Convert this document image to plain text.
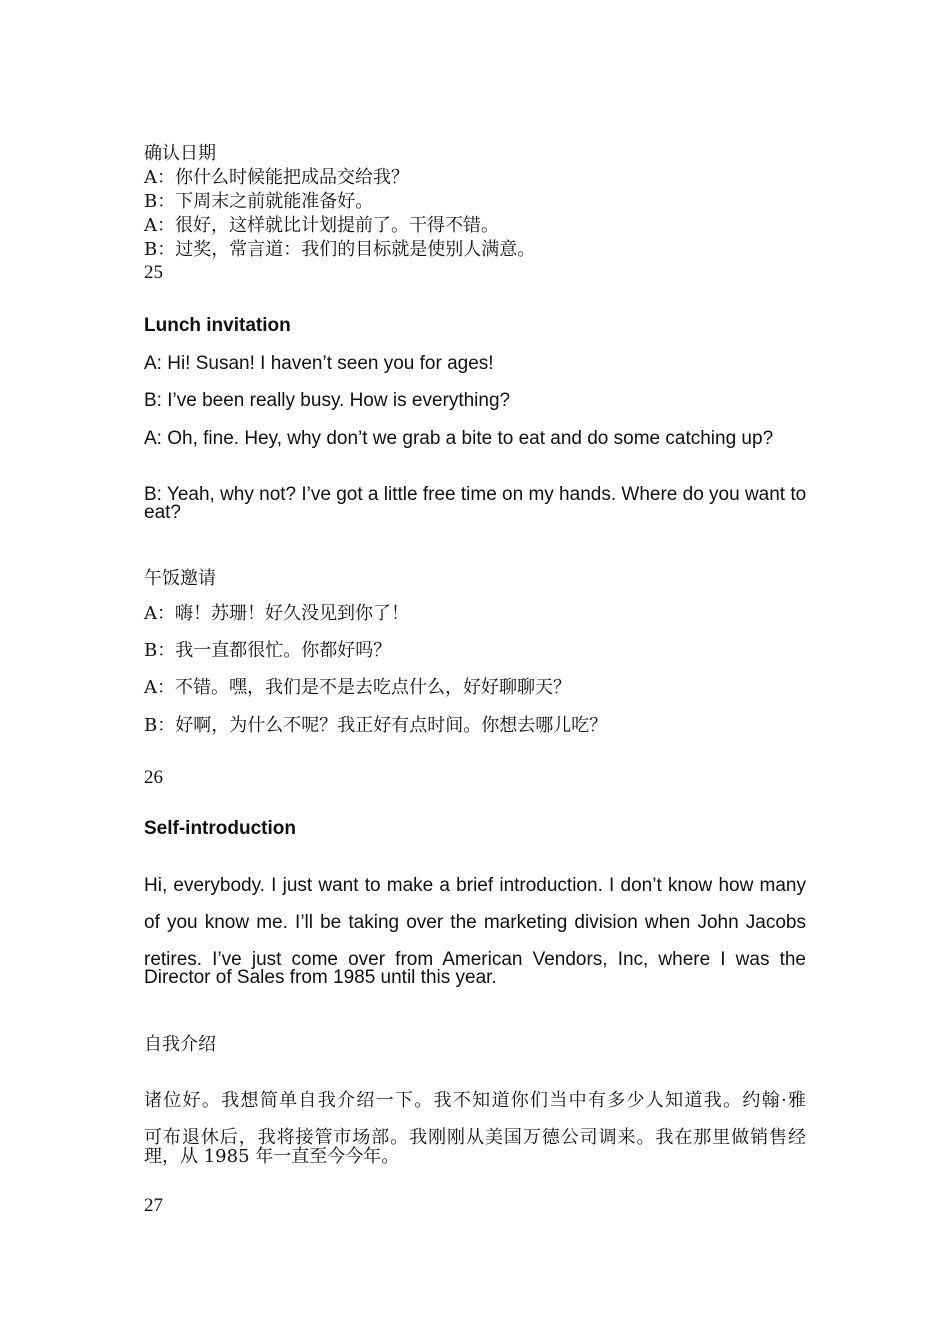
确认日期

A：你什么时候能把成品交给我？

B：下周末之前就能准备好。

A：很好，这样就比计划提前了。干得不错。

B：过奖，常言道：我们的目标就是使别人满意。

25

Lunch invitation

A: Hi! Susan! I haven’t seen you for ages!

B: I’ve been really busy. How is everything?

A: Oh, fine. Hey, why don’t we grab a bite to eat and do some catching up?

B: Yeah, why not? I’ve got a little free time on my hands. Where do you want to

eat?

午饭邀请

A：嗨！苏珊！好久没见到你了！

B：我一直都很忙。你都好吗？

A：不错。嘿，我们是不是去吃点什么，好好聊聊天？

B：好啊，为什么不呢？我正好有点时间。你想去哪儿吃？

26

Self-introduction

Hi, everybody. I just want to make a brief introduction. I don’t know how many

of you know me. I’ll be taking over the marketing division when John Jacobs

retires. I’ve just come over from American Vendors, Inc, where I was the

Director of Sales from 1985 until this year.

自我介绍

诸位好。我想简单自我介绍一下。我不知道你们当中有多少人知道我。约翰·雅

可布退休后，我将接管市场部。我刚刚从美国万德公司调来。我在那里做销售经

理，从 1985 年一直至今今年。

27
